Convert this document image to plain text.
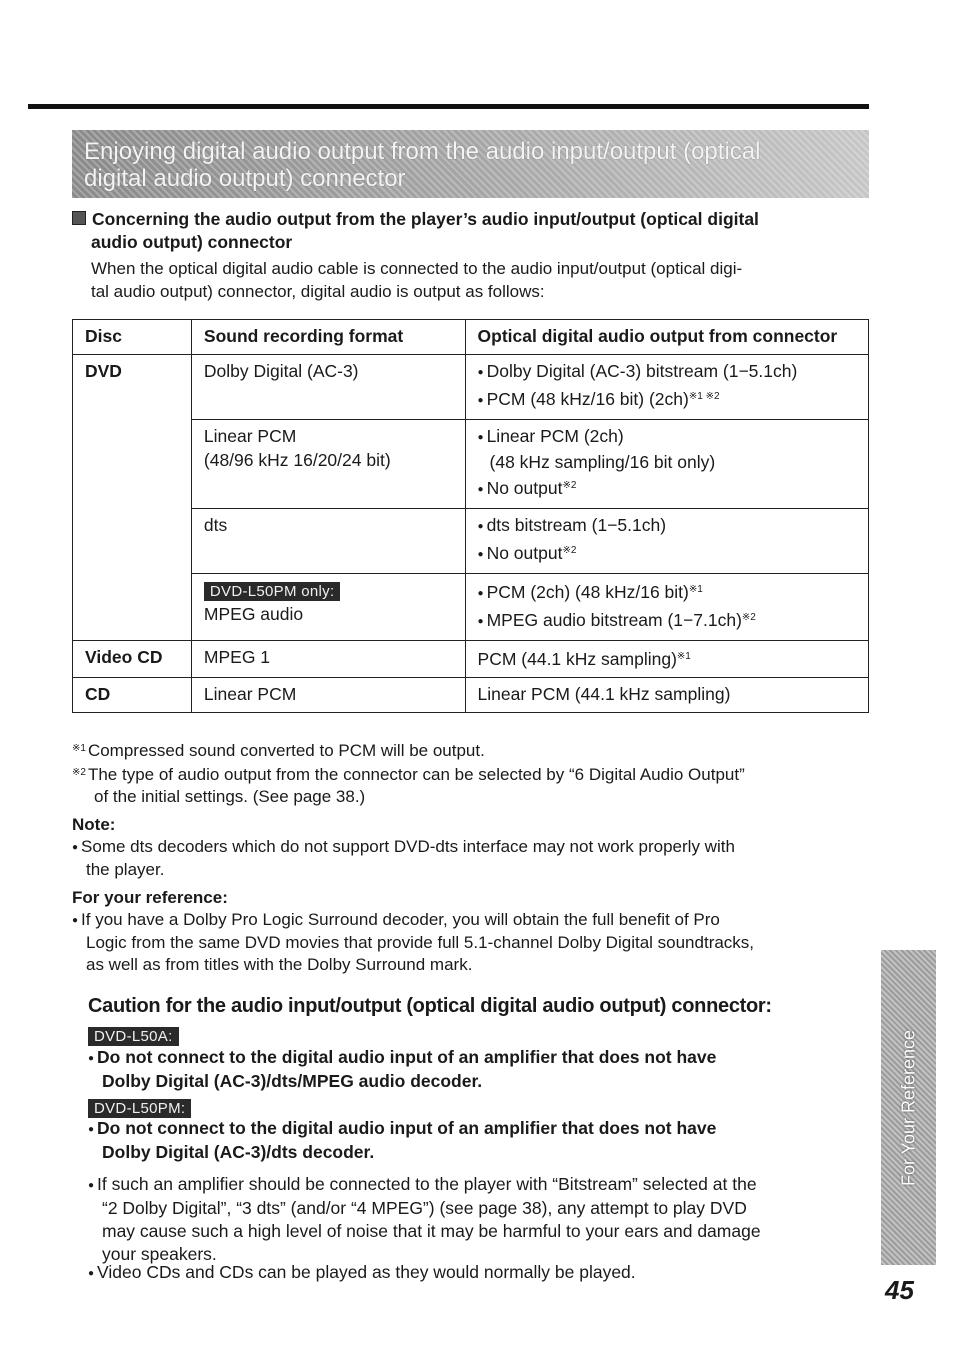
Enjoying digital audio output from the audio input/output (optical
digital audio output) connector
Concerning the audio output from the player’s audio input/output (optical digital
audio output) connector
When the optical digital audio cable is connected to the audio input/output (optical digi-
tal audio output) connector, digital audio is output as follows:
Disc	Sound recording format	Optical digital audio output from connector
DVD	Dolby Digital (AC-3)	● Dolby Digital (AC-3) bitstream (1−5.1ch)
● PCM (48 kHz/16 bit) $(2ch)^{※1 ※2}$

	Linear PCM
(48/96 kHz 16/20/24 bit)	● Linear PCM (2ch)
(48 kHz sampling/16 bit only)
● No output$^{※2}$

	dts	● dts bitstream (1−5.1ch)
● No output$^{※2}$

	DVD-L50PM only:
MPEG audio	● PCM (2ch) (48 kHz/16 bit)$^{※1}$
● MPEG audio bitstream $(1-7.1ch)^{※2}$

Video CD	MPEG 1	PCM (44.1 kHz sampling)$^{※1}$
CD	Linear PCM	Linear PCM (44.1 kHz sampling)
$^{※1}$ Compressed sound converted to PCM will be output.
$^{※2}$ The type of audio output from the connector can be selected by “6 Digital Audio Output”
of the initial settings. (See page 38.)
Note:
● Some dts decoders which do not support DVD-dts interface may not work properly with
the player.
For your reference:
● If you have a Dolby Pro Logic Surround decoder, you will obtain the full benefit of Pro
Logic from the same DVD movies that provide full 5.1-channel Dolby Digital soundtracks,
as well as from titles with the Dolby Surround mark.
Caution for the audio input/output (optical digital audio output) connector:
DVD-L50A:
● Do not connect to the digital audio input of an amplifier that does not have
Dolby Digital (AC-3)/dts/MPEG audio decoder.
DVD-L50PM:
● Do not connect to the digital audio input of an amplifier that does not have
Dolby Digital (AC-3)/dts decoder.
● If such an amplifier should be connected to the player with “Bitstream” selected at the
“2 Dolby Digital”, “3 dts” (and/or “4 MPEG”) (see page 38), any attempt to play DVD
may cause such a high level of noise that it may be harmful to your ears and damage
your speakers.
● Video CDs and CDs can be played as they would normally be played.
For Your Reference
45
